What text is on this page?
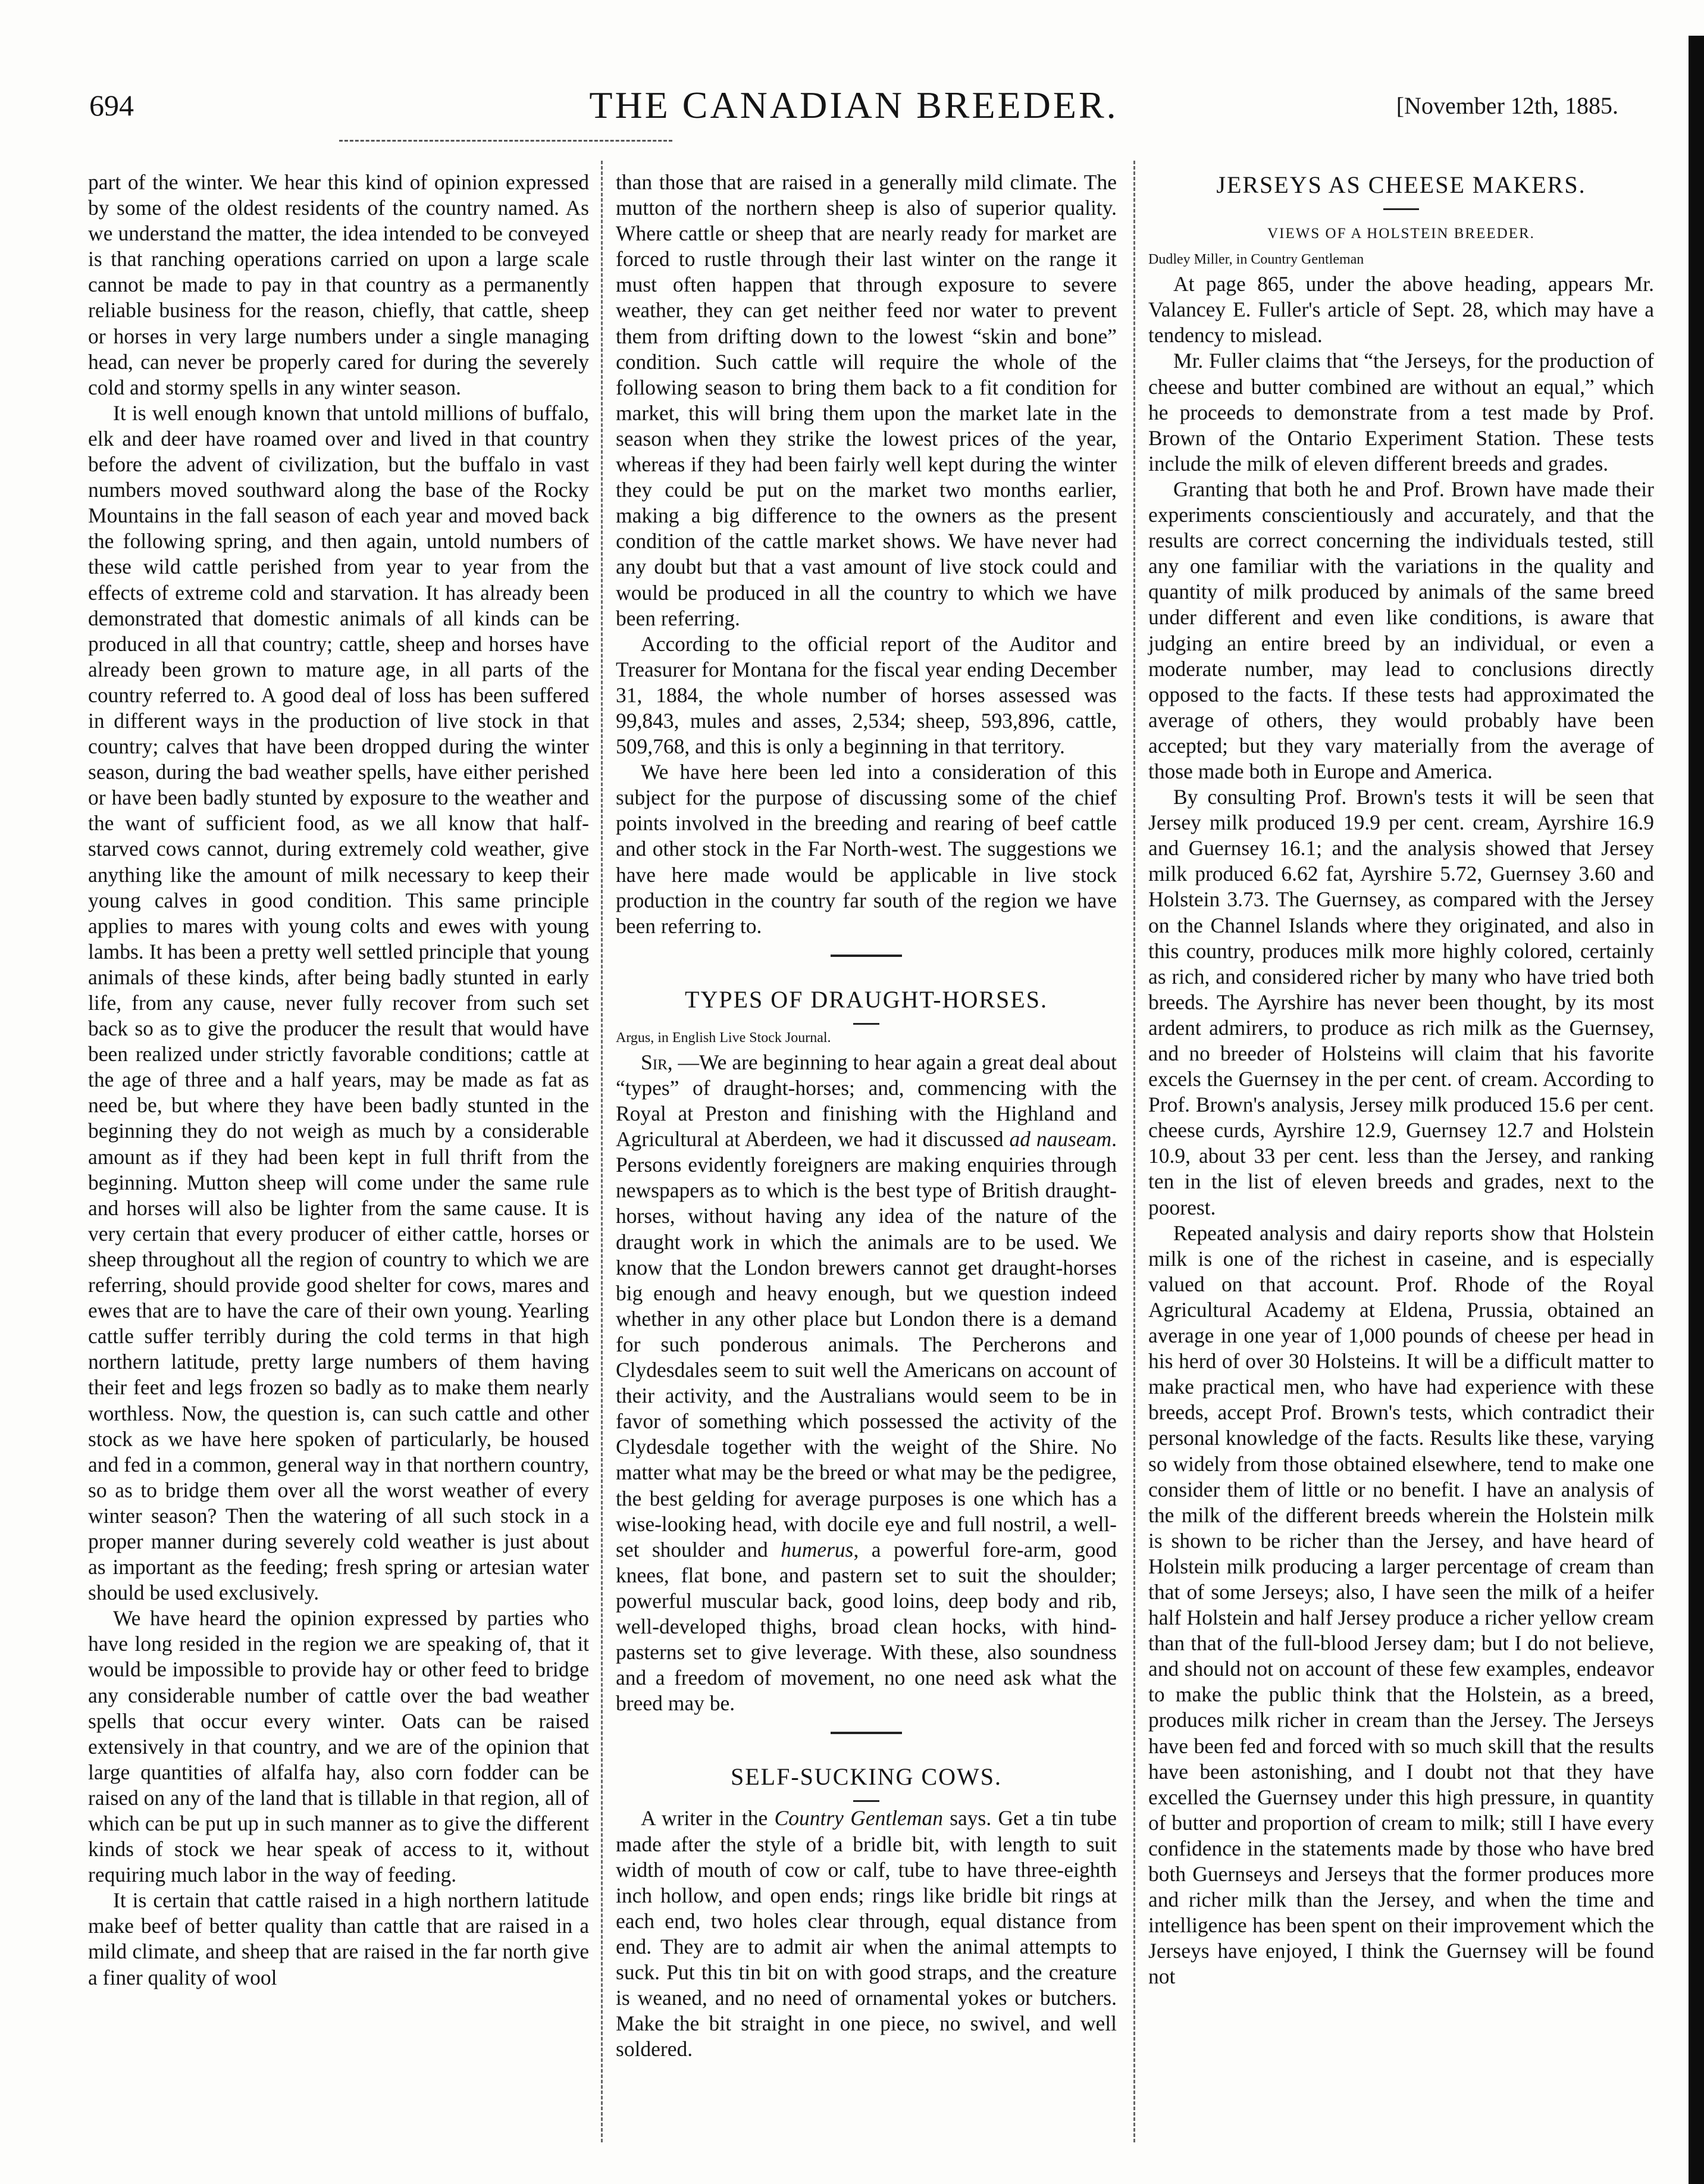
694	THE CANADIAN BREEDER.	[November 12th, 1885.

part of the winter. We hear this kind of opinion expressed by some of the oldest residents of the country named. As we understand the matter, the idea intended to be conveyed is that ranching operations carried on upon a large scale cannot be made to pay in that country as a permanently reliable business for the reason, chiefly, that cattle, sheep or horses in very large numbers under a single managing head, can never be properly cared for during the severely cold and stormy spells in any winter season.

It is well enough known that untold millions of buffalo, elk and deer have roamed over and lived in that country before the advent of civilization, but the buffalo in vast numbers moved southward along the base of the Rocky Mountains in the fall season of each year and moved back the following spring, and then again, untold numbers of these wild cattle perished from year to year from the effects of extreme cold and starvation. It has already been demonstrated that domestic animals of all kinds can be produced in all that country; cattle, sheep and horses have already been grown to mature age, in all parts of the country referred to. A good deal of loss has been suffered in different ways in the production of live stock in that country; calves that have been dropped during the winter season, during the bad weather spells, have either perished or have been badly stunted by exposure to the weather and the want of sufficient food, as we all know that half-starved cows cannot, during extremely cold weather, give anything like the amount of milk necessary to keep their young calves in good condition. This same principle applies to mares with young colts and ewes with young lambs. It has been a pretty well settled principle that young animals of these kinds, after being badly stunted in early life, from any cause, never fully recover from such set back so as to give the producer the result that would have been realized under strictly favorable conditions; cattle at the age of three and a half years, may be made as fat as need be, but where they have been badly stunted in the beginning they do not weigh as much by a considerable amount as if they had been kept in full thrift from the beginning. Mutton sheep will come under the same rule and horses will also be lighter from the same cause. It is very certain that every producer of either cattle, horses or sheep throughout all the region of country to which we are referring, should provide good shelter for cows, mares and ewes that are to have the care of their own young. Yearling cattle suffer terribly during the cold terms in that high northern latitude, pretty large numbers of them having their feet and legs frozen so badly as to make them nearly worthless. Now, the question is, can such cattle and other stock as we have here spoken of particularly, be housed and fed in a common, general way in that northern country, so as to bridge them over all the worst weather of every winter season? Then the watering of all such stock in a proper manner during severely cold weather is just about as important as the feeding; fresh spring or artesian water should be used exclusively.

We have heard the opinion expressed by parties who have long resided in the region we are speaking of, that it would be impossible to provide hay or other feed to bridge any considerable number of cattle over the bad weather spells that occur every winter. Oats can be raised extensively in that country, and we are of the opinion that large quantities of alfalfa hay, also corn fodder can be raised on any of the land that is tillable in that region, all of which can be put up in such manner as to give the different kinds of stock we hear speak of access to it, without requiring much labor in the way of feeding.

It is certain that cattle raised in a high northern latitude make beef of better quality than cattle that are raised in a mild climate, and sheep that are raised in the far north give a finer quality of wool

than those that are raised in a generally mild climate. The mutton of the northern sheep is also of superior quality. Where cattle or sheep that are nearly ready for market are forced to rustle through their last winter on the range it must often happen that through exposure to severe weather, they can get neither feed nor water to prevent them from drifting down to the lowest “skin and bone” condition. Such cattle will require the whole of the following season to bring them back to a fit condition for market, this will bring them upon the market late in the season when they strike the lowest prices of the year, whereas if they had been fairly well kept during the winter they could be put on the market two months earlier, making a big difference to the owners as the present condition of the cattle market shows. We have never had any doubt but that a vast amount of live stock could and would be produced in all the country to which we have been referring.

According to the official report of the Auditor and Treasurer for Montana for the fiscal year ending December 31, 1884, the whole number of horses assessed was 99,843, mules and asses, 2,534; sheep, 593,896, cattle, 509,768, and this is only a beginning in that territory.

We have here been led into a consideration of this subject for the purpose of discussing some of the chief points involved in the breeding and rearing of beef cattle and other stock in the Far North-west. The suggestions we have here made would be applicable in live stock production in the country far south of the region we have been referring to.

TYPES OF DRAUGHT-HORSES.
Argus, in English Live Stock Journal.

Sir, —We are beginning to hear again a great deal about “types” of draught-horses; and, commencing with the Royal at Preston and finishing with the Highland and Agricultural at Aberdeen, we had it discussed ad nauseam. Persons evidently foreigners are making enquiries through newspapers as to which is the best type of British draught-horses, without having any idea of the nature of the draught work in which the animals are to be used. We know that the London brewers cannot get draught-horses big enough and heavy enough, but we question indeed whether in any other place but London there is a demand for such ponderous animals. The Percherons and Clydesdales seem to suit well the Americans on account of their activity, and the Australians would seem to be in favor of something which possessed the activity of the Clydesdale together with the weight of the Shire. No matter what may be the breed or what may be the pedigree, the best gelding for average purposes is one which has a wise-looking head, with docile eye and full nostril, a well-set shoulder and humerus, a powerful fore-arm, good knees, flat bone, and pastern set to suit the shoulder; powerful muscular back, good loins, deep body and rib, well-developed thighs, broad clean hocks, with hind-pasterns set to give leverage. With these, also soundness and a freedom of movement, no one need ask what the breed may be.

SELF-SUCKING COWS.

A writer in the Country Gentleman says. Get a tin tube made after the style of a bridle bit, with length to suit width of mouth of cow or calf, tube to have three-eighth inch hollow, and open ends; rings like bridle bit rings at each end, two holes clear through, equal distance from end. They are to admit air when the animal attempts to suck. Put this tin bit on with good straps, and the creature is weaned, and no need of ornamental yokes or butchers. Make the bit straight in one piece, no swivel, and well soldered.

JERSEYS AS CHEESE MAKERS.
VIEWS OF A HOLSTEIN BREEDER.
Dudley Miller, in Country Gentleman

At page 865, under the above heading, appears Mr. Valancey E. Fuller's article of Sept. 28, which may have a tendency to mislead.

Mr. Fuller claims that “the Jerseys, for the production of cheese and butter combined are without an equal,” which he proceeds to demonstrate from a test made by Prof. Brown of the Ontario Experiment Station. These tests include the milk of eleven different breeds and grades.

Granting that both he and Prof. Brown have made their experiments conscientiously and accurately, and that the results are correct concerning the individuals tested, still any one familiar with the variations in the quality and quantity of milk produced by animals of the same breed under different and even like conditions, is aware that judging an entire breed by an individual, or even a moderate number, may lead to conclusions directly opposed to the facts. If these tests had approximated the average of others, they would probably have been accepted; but they vary materially from the average of those made both in Europe and America.

By consulting Prof. Brown's tests it will be seen that Jersey milk produced 19.9 per cent. cream, Ayrshire 16.9 and Guernsey 16.1; and the analysis showed that Jersey milk produced 6.62 fat, Ayrshire 5.72, Guernsey 3.60 and Holstein 3.73. The Guernsey, as compared with the Jersey on the Channel Islands where they originated, and also in this country, produces milk more highly colored, certainly as rich, and considered richer by many who have tried both breeds. The Ayrshire has never been thought, by its most ardent admirers, to produce as rich milk as the Guernsey, and no breeder of Holsteins will claim that his favorite excels the Guernsey in the per cent. of cream. According to Prof. Brown's analysis, Jersey milk produced 15.6 per cent. cheese curds, Ayrshire 12.9, Guernsey 12.7 and Holstein 10.9, about 33 per cent. less than the Jersey, and ranking ten in the list of eleven breeds and grades, next to the poorest.

Repeated analysis and dairy reports show that Holstein milk is one of the richest in caseine, and is especially valued on that account. Prof. Rhode of the Royal Agricultural Academy at Eldena, Prussia, obtained an average in one year of 1,000 pounds of cheese per head in his herd of over 30 Holsteins. It will be a difficult matter to make practical men, who have had experience with these breeds, accept Prof. Brown's tests, which contradict their personal knowledge of the facts. Results like these, varying so widely from those obtained elsewhere, tend to make one consider them of little or no benefit. I have an analysis of the milk of the different breeds wherein the Holstein milk is shown to be richer than the Jersey, and have heard of Holstein milk producing a larger percentage of cream than that of some Jerseys; also, I have seen the milk of a heifer half Holstein and half Jersey produce a richer yellow cream than that of the full-blood Jersey dam; but I do not believe, and should not on account of these few examples, endeavor to make the public think that the Holstein, as a breed, produces milk richer in cream than the Jersey. The Jerseys have been fed and forced with so much skill that the results have been astonishing, and I doubt not that they have excelled the Guernsey under this high pressure, in quantity of butter and proportion of cream to milk; still I have every confidence in the statements made by those who have bred both Guernseys and Jerseys that the former produces more and richer milk than the Jersey, and when the time and intelligence has been spent on their improvement which the Jerseys have enjoyed, I think the Guernsey will be found not
